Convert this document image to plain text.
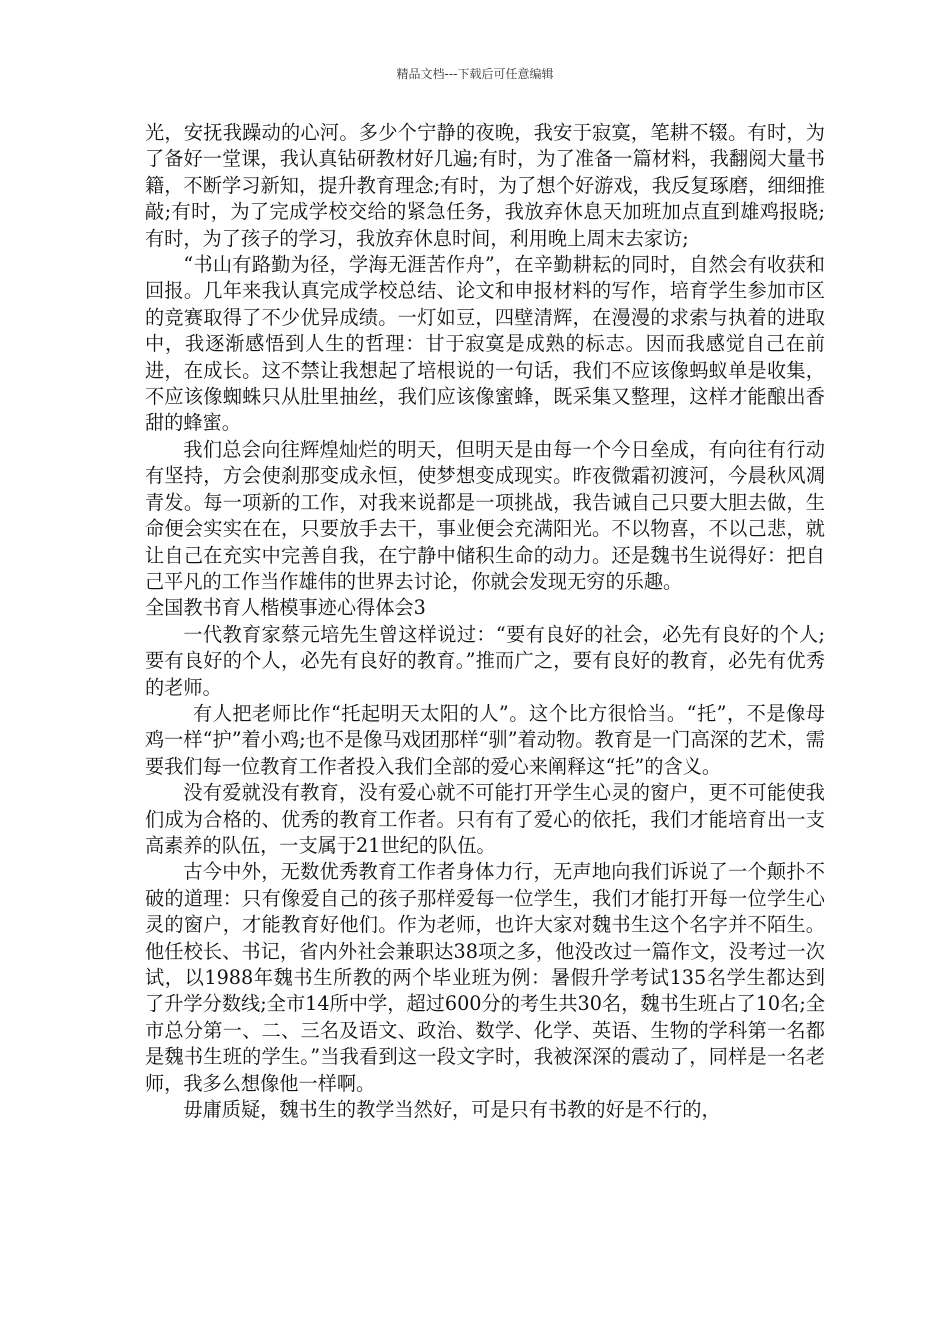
精品文档---下载后可任意编辑

光，安抚我躁动的心河。多少个宁静的夜晚，我安于寂寞，笔耕不辍。有时，为了备好一堂课，我认真钻研教材好几遍;有时，为了准备一篇材料，我翻阅大量书籍，不断学习新知，提升教育理念;有时，为了想个好游戏，我反复琢磨，细细推敲;有时，为了完成学校交给的紧急任务，我放弃休息天加班加点直到雄鸡报晓;有时，为了孩子的学习，我放弃休息时间，利用晚上周末去家访;

“书山有路勤为径，学海无涯苦作舟”，在辛勤耕耘的同时，自然会有收获和回报。几年来我认真完成学校总结、论文和申报材料的写作，培育学生参加市区的竞赛取得了不少优异成绩。一灯如豆，四壁清辉，在漫漫的求索与执着的进取中，我逐渐感悟到人生的哲理：甘于寂寞是成熟的标志。因而我感觉自己在前进，在成长。这不禁让我想起了培根说的一句话，我们不应该像蚂蚁单是收集，不应该像蜘蛛只从肚里抽丝，我们应该像蜜蜂，既采集又整理，这样才能酿出香甜的蜂蜜。

我们总会向往辉煌灿烂的明天，但明天是由每一个今日垒成，有向往有行动有坚持，方会使刹那变成永恒，使梦想变成现实。昨夜微霜初渡河，今晨秋风凋青发。每一项新的工作，对我来说都是一项挑战，我告诫自己只要大胆去做，生命便会实实在在，只要放手去干，事业便会充满阳光。不以物喜，不以己悲，就让自己在充实中完善自我，在宁静中储积生命的动力。还是魏书生说得好：把自己平凡的工作当作雄伟的世界去讨论，你就会发现无穷的乐趣。

全国教书育人楷模事迹心得体会3

一代教育家蔡元培先生曾这样说过：“要有良好的社会，必先有良好的个人;要有良好的个人，必先有良好的教育。”推而广之，要有良好的教育，必先有优秀的老师。

有人把老师比作“托起明天太阳的人”。这个比方很恰当。“托”，不是像母鸡一样“护”着小鸡;也不是像马戏团那样“驯”着动物。教育是一门高深的艺术，需要我们每一位教育工作者投入我们全部的爱心来阐释这“托”的含义。

没有爱就没有教育，没有爱心就不可能打开学生心灵的窗户，更不可能使我们成为合格的、优秀的教育工作者。只有有了爱心的依托，我们才能培育出一支高素养的队伍，一支属于21世纪的队伍。

古今中外，无数优秀教育工作者身体力行，无声地向我们诉说了一个颠扑不破的道理：只有像爱自己的孩子那样爱每一位学生，我们才能打开每一位学生心灵的窗户，才能教育好他们。作为老师，也许大家对魏书生这个名字并不陌生。他任校长、书记，省内外社会兼职达38项之多，他没改过一篇作文，没考过一次试，以1988年魏书生所教的两个毕业班为例：暑假升学考试135名学生都达到了升学分数线;全市14所中学，超过600分的考生共30名，魏书生班占了10名;全市总分第一、二、三名及语文、政治、数学、化学、英语、生物的学科第一名都是魏书生班的学生。”当我看到这一段文字时，我被深深的震动了，同样是一名老师，我多么想像他一样啊。

毋庸质疑，魏书生的教学当然好，可是只有书教的好是不行的，
